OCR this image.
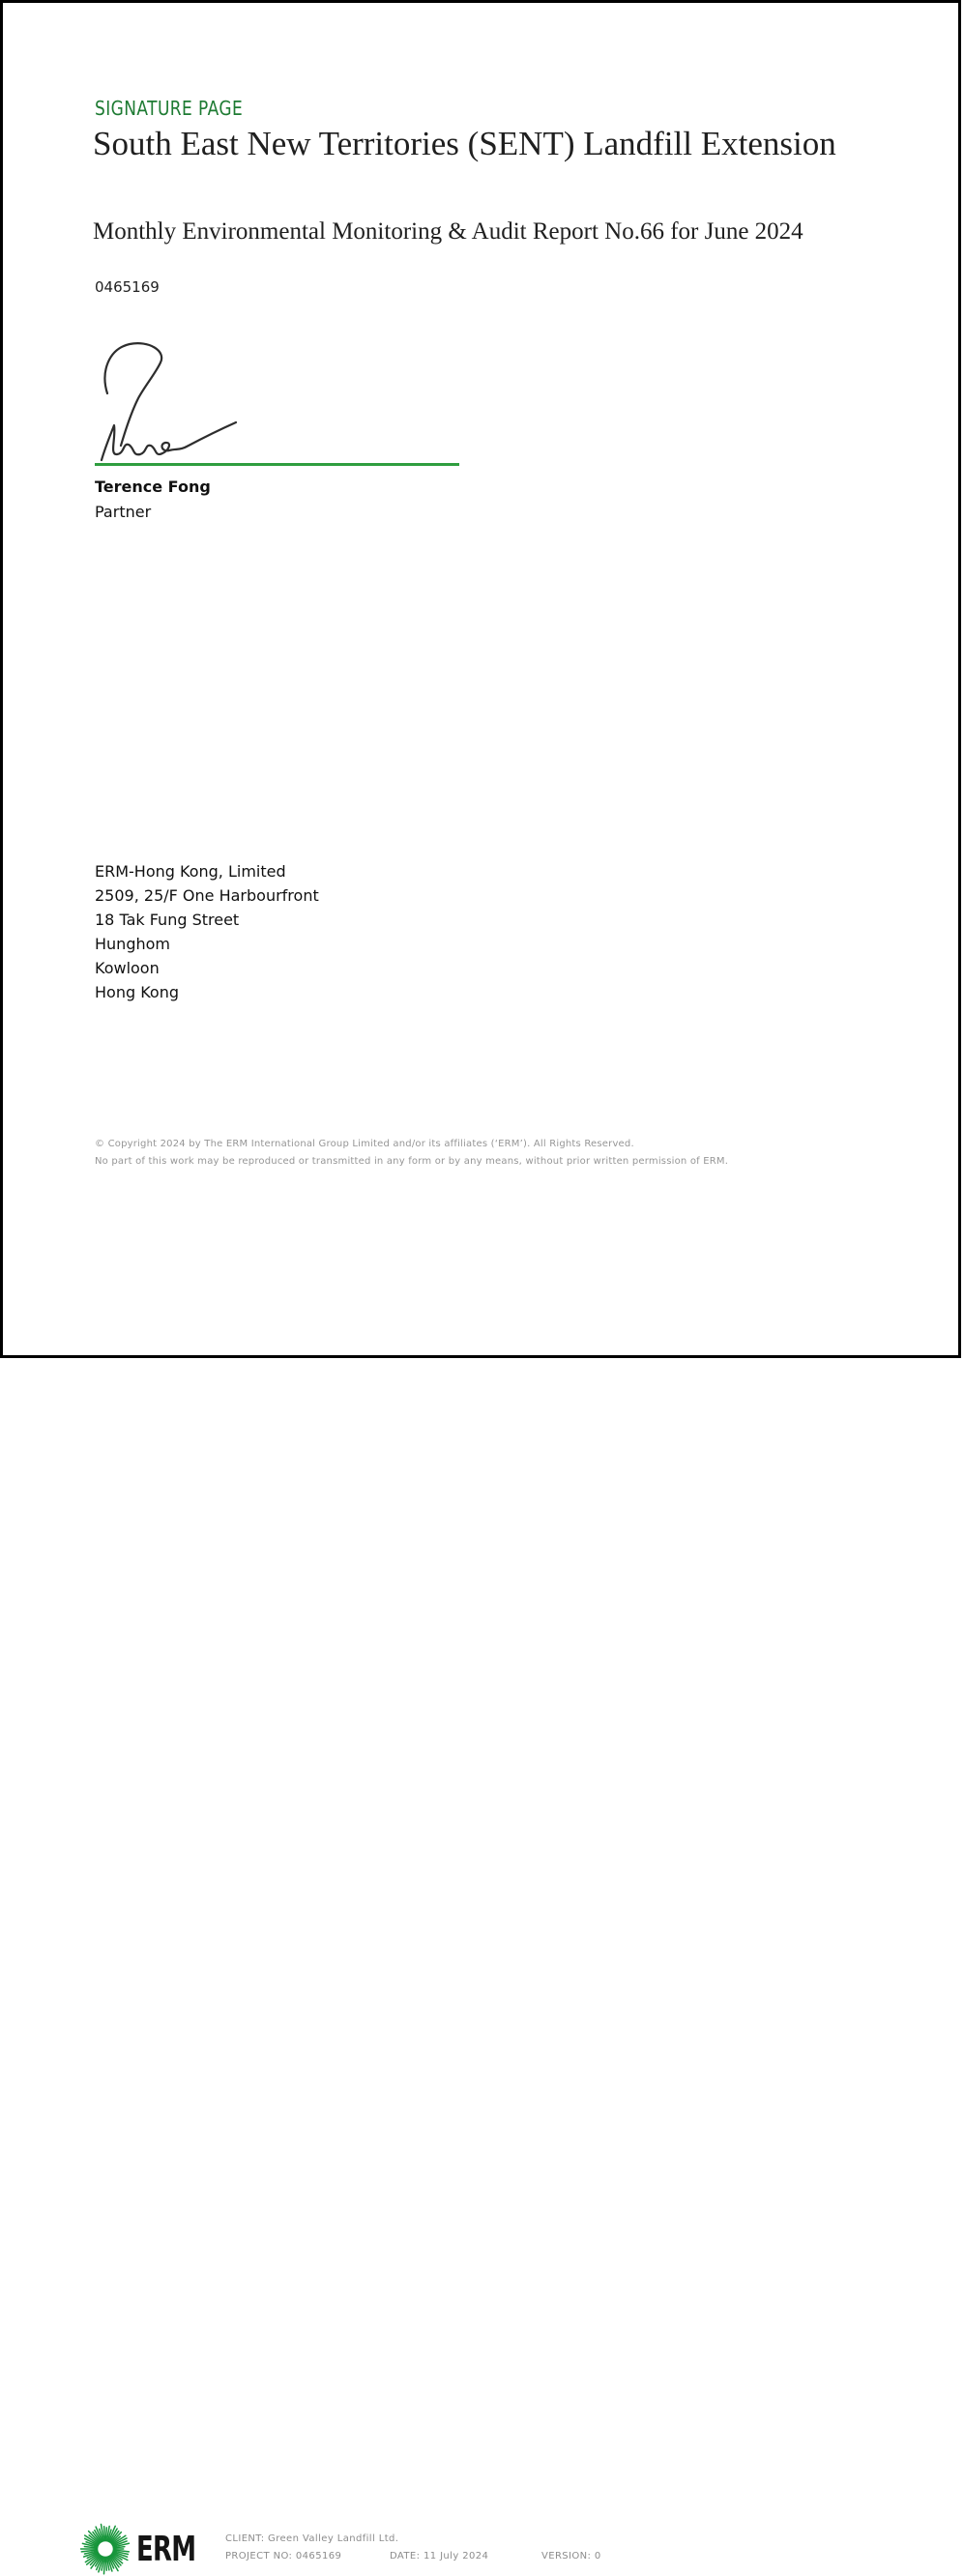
SIGNATURE PAGE
South East New Territories (SENT) Landfill Extension
Monthly Environmental Monitoring & Audit Report No.66 for June 2024
0465169
Terence Fong
Partner
ERM-Hong Kong, Limited
2509, 25/F One Harbourfront
18 Tak Fung Street
Hunghom
Kowloon
Hong Kong
© Copyright 2024 by The ERM International Group Limited and/or its affiliates (‘ERM’). All Rights Reserved.
No part of this work may be reproduced or transmitted in any form or by any means, without prior written permission of ERM.
ERM	CLIENT: Green Valley Landfill Ltd.
PROJECT NO: 0465169	DATE: 11 July 2024	VERSION: 0
